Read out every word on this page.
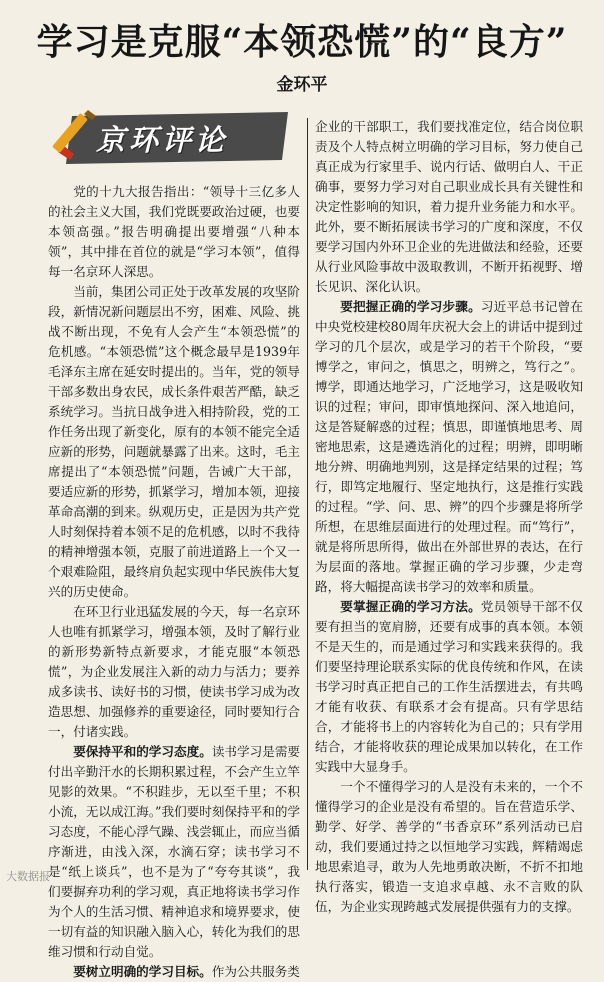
学习是克服“本领恐慌”的“良方”
金环平
京环评论

党的十九大报告指出：“领导十三亿多人的社会主义大国，我们党既要政治过硬，也要本领高强。”报告明确提出要增强“八种本领”，其中排在首位的就是“学习本领”，值得每一名京环人深思。

当前，集团公司正处于改革发展的攻坚阶段，新情况新问题层出不穷，困难、风险、挑战不断出现，不免有人会产生“本领恐慌”的危机感。“本领恐慌”这个概念最早是1939年毛泽东主席在延安时提出的。当年，党的领导干部多数出身农民，成长条件艰苦严酷，缺乏系统学习。当抗日战争进入相持阶段，党的工作任务出现了新变化，原有的本领不能完全适应新的形势，问题就暴露了出来。这时，毛主席提出了“本领恐慌”问题，告诫广大干部，要适应新的形势，抓紧学习，增加本领，迎接革命高潮的到来。纵观历史，正是因为共产党人时刻保持着本领不足的危机感，以时不我待的精神增强本领，克服了前进道路上一个又一个艰难险阻，最终肩负起实现中华民族伟大复兴的历史使命。

在环卫行业迅猛发展的今天，每一名京环人也唯有抓紧学习，增强本领，及时了解行业的新形势新特点新要求，才能克服“本领恐慌”，为企业发展注入新的动力与活力；要养成多读书、读好书的习惯，使读书学习成为改造思想、加强修养的重要途径，同时要知行合一，付诸实践。

要保持平和的学习态度。读书学习是需要付出辛勤汗水的长期积累过程，不会产生立竿见影的效果。“不积跬步，无以至千里；不积小流，无以成江海。”我们要时刻保持平和的学习态度，不能心浮气躁、浅尝辄止，而应当循序渐进，由浅入深，水滴石穿；读书学习不是“纸上谈兵”，也不是为了“夸夸其谈”，我们要摒弃功利的学习观，真正地将读书学习作为个人的生活习惯、精神追求和境界要求，使一切有益的知识融入脑入心，转化为我们的思维习惯和行动自觉。

要树立明确的学习目标。作为公共服务类

企业的干部职工，我们要找准定位，结合岗位职责及个人特点树立明确的学习目标，努力使自己真正成为行家里手、说内行话、做明白人、干正确事，要努力学习对自己职业成长具有关键性和决定性影响的知识，着力提升业务能力和水平。此外，要不断拓展读书学习的广度和深度，不仅要学习国内外环卫企业的先进做法和经验，还要从行业风险事故中汲取教训，不断开拓视野、增长见识、深化认识。

要把握正确的学习步骤。习近平总书记曾在中央党校建校80周年庆祝大会上的讲话中提到过学习的几个层次，或是学习的若干个阶段，“要博学之，审问之，慎思之，明辨之，笃行之”。博学，即通达地学习，广泛地学习，这是吸收知识的过程；审问，即审慎地探问、深入地追问，这是答疑解惑的过程；慎思，即谨慎地思考、周密地思索，这是遴选消化的过程；明辨，即明晰地分辨、明确地判别，这是择定结果的过程；笃行，即笃定地履行、坚定地执行，这是推行实践的过程。“学、问、思、辨”的四个步骤是将所学所想，在思维层面进行的处理过程。而“笃行”，就是将所思所得，做出在外部世界的表达，在行为层面的落地。掌握正确的学习步骤，少走弯路，将大幅提高读书学习的效率和质量。

要掌握正确的学习方法。党员领导干部不仅要有担当的宽肩膀，还要有成事的真本领。本领不是天生的，而是通过学习和实践来获得的。我们要坚持理论联系实际的优良传统和作风，在读书学习时真正把自己的工作生活摆进去，有共鸣才能有收获、有联系才会有提高。只有学思结合，才能将书上的内容转化为自己的；只有学用结合，才能将收获的理论成果加以转化，在工作实践中大显身手。

一个不懂得学习的人是没有未来的，一个不懂得学习的企业是没有希望的。旨在营造乐学、勤学、好学、善学的“书香京环”系列活动已启动，我们要通过持之以恒地学习实践，辉精竭虑地思索追寻，敢为人先地勇敢决断，不折不扣地执行落实，锻造一支追求卓越、永不言败的队伍，为企业实现跨越式发展提供强有力的支撑。

大数据报
